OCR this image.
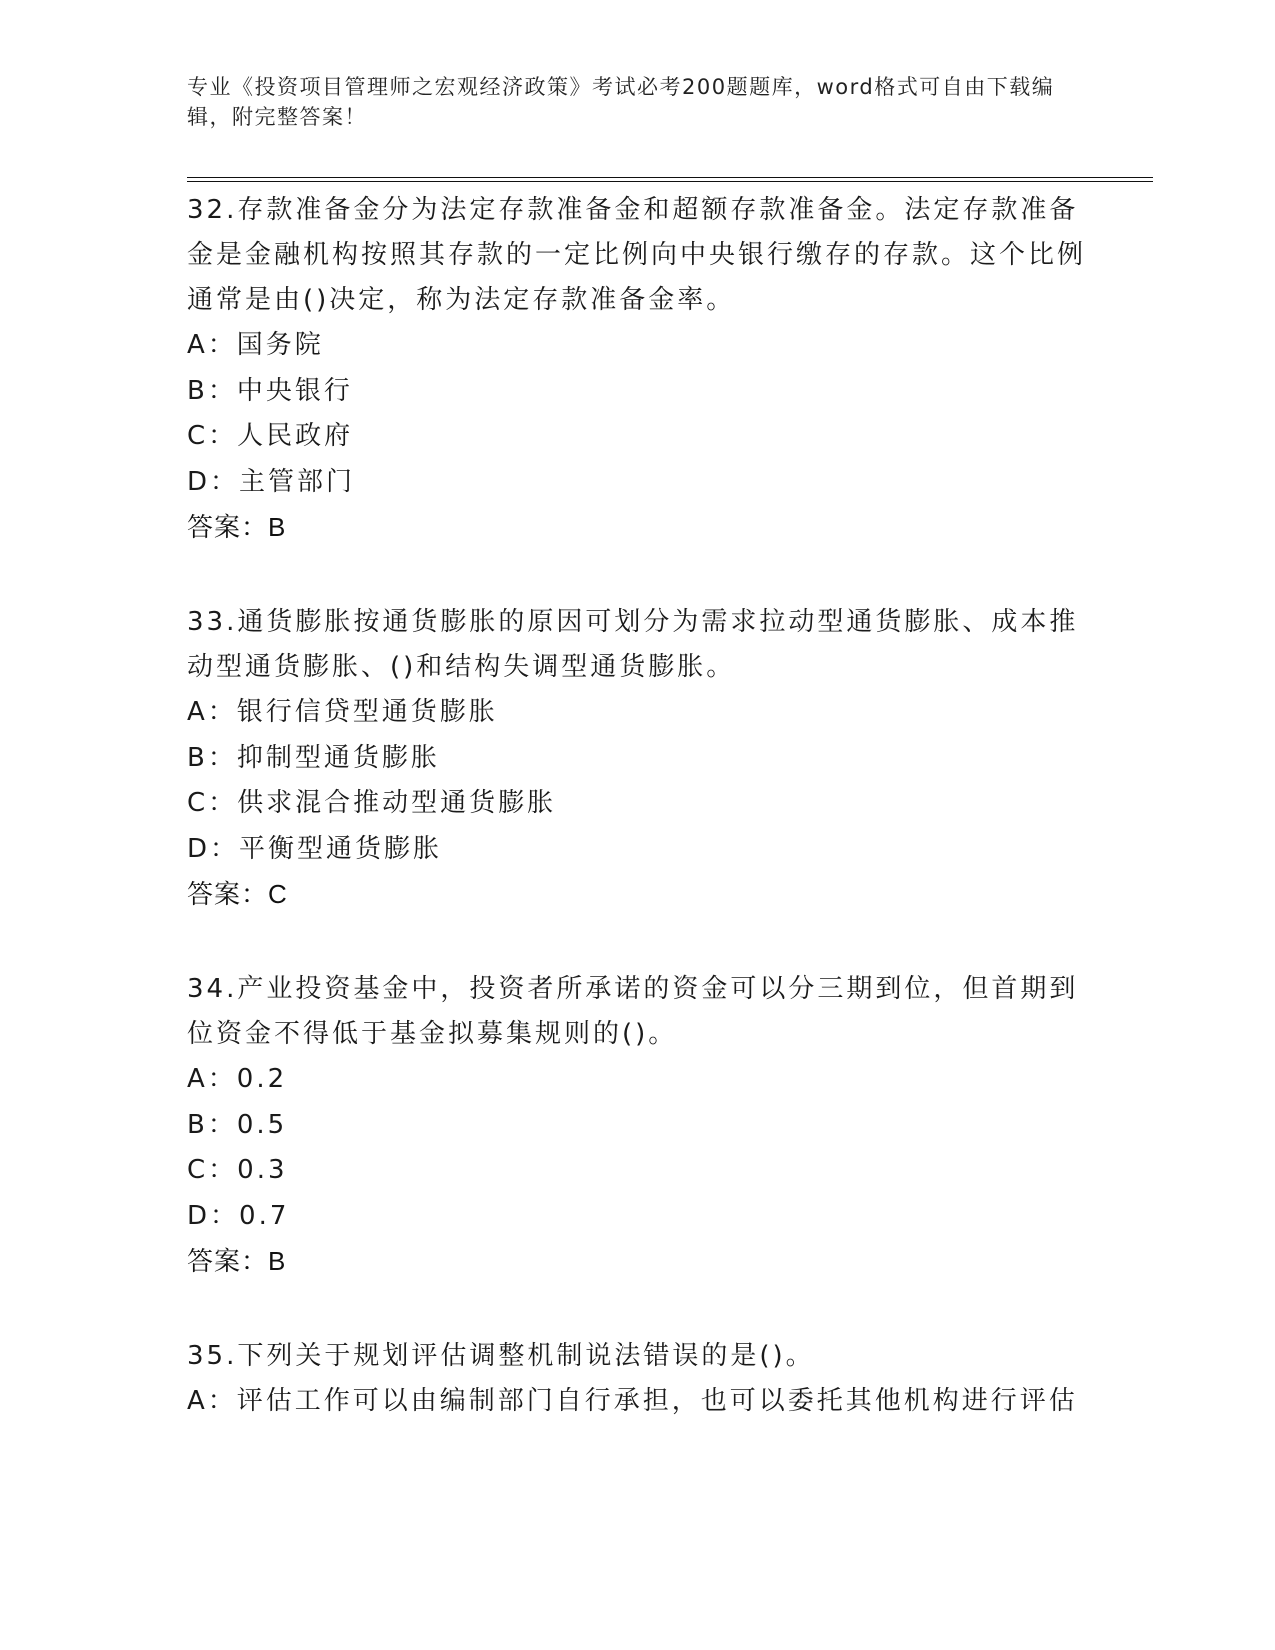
专业《投资项目管理师之宏观经济政策》考试必考200题题库，word格式可自由下载编辑，附完整答案！

32.存款准备金分为法定存款准备金和超额存款准备金。法定存款准备金是金融机构按照其存款的一定比例向中央银行缴存的存款。这个比例通常是由()决定，称为法定存款准备金率。

A：国务院

B：中央银行

C：人民政府

D：主管部门

答案：B

33.通货膨胀按通货膨胀的原因可划分为需求拉动型通货膨胀、成本推动型通货膨胀、()和结构失调型通货膨胀。

A：银行信贷型通货膨胀

B：抑制型通货膨胀

C：供求混合推动型通货膨胀

D：平衡型通货膨胀

答案：C

34.产业投资基金中，投资者所承诺的资金可以分三期到位，但首期到位资金不得低于基金拟募集规则的()。

A：0.2

B：0.5

C：0.3

D：0.7

答案：B

35.下列关于规划评估调整机制说法错误的是()。

A：评估工作可以由编制部门自行承担，也可以委托其他机构进行评估
